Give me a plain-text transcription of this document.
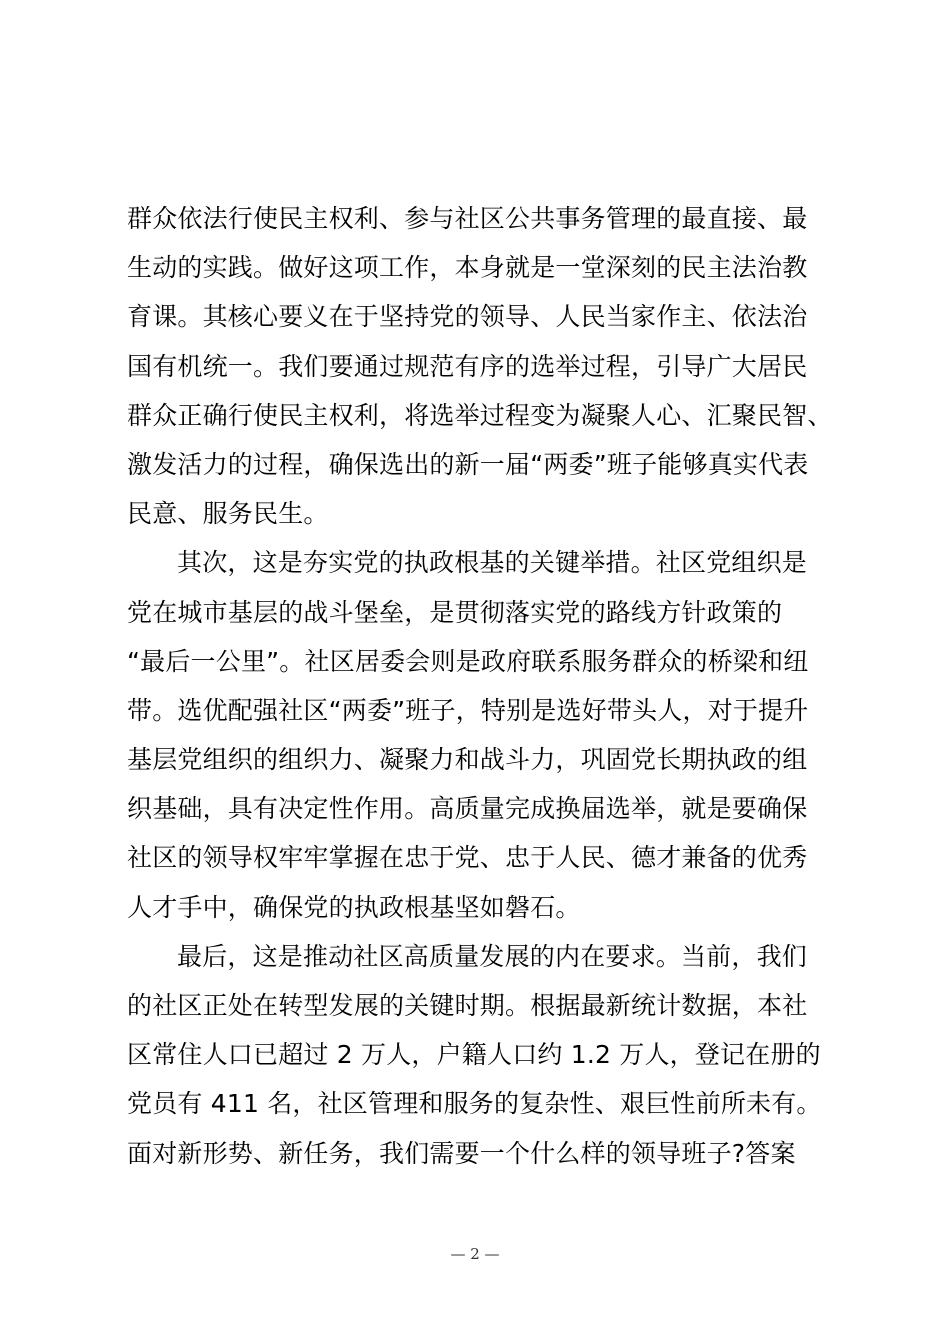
群众依法行使民主权利、参与社区公共事务管理的最直接、最
生动的实践。做好这项工作，本身就是一堂深刻的民主法治教
育课。其核心要义在于坚持党的领导、人民当家作主、依法治
国有机统一。我们要通过规范有序的选举过程，引导广大居民
群众正确行使民主权利，将选举过程变为凝聚人心、汇聚民智、
激发活力的过程，确保选出的新一届“两委”班子能够真实代表
民意、服务民生。
其次，这是夯实党的执政根基的关键举措。社区党组织是
党在城市基层的战斗堡垒，是贯彻落实党的路线方针政策的
“最后一公里”。社区居委会则是政府联系服务群众的桥梁和纽
带。选优配强社区“两委”班子，特别是选好带头人，对于提升
基层党组织的组织力、凝聚力和战斗力，巩固党长期执政的组
织基础，具有决定性作用。高质量完成换届选举，就是要确保
社区的领导权牢牢掌握在忠于党、忠于人民、德才兼备的优秀
人才手中，确保党的执政根基坚如磐石。
最后，这是推动社区高质量发展的内在要求。当前，我们
的社区正处在转型发展的关键时期。根据最新统计数据，本社
区常住人口已超过 2 万人，户籍人口约 1.2 万人，登记在册的
党员有 411 名，社区管理和服务的复杂性、艰巨性前所未有。
面对新形势、新任务，我们需要一个什么样的领导班子?答案
— 2 —
